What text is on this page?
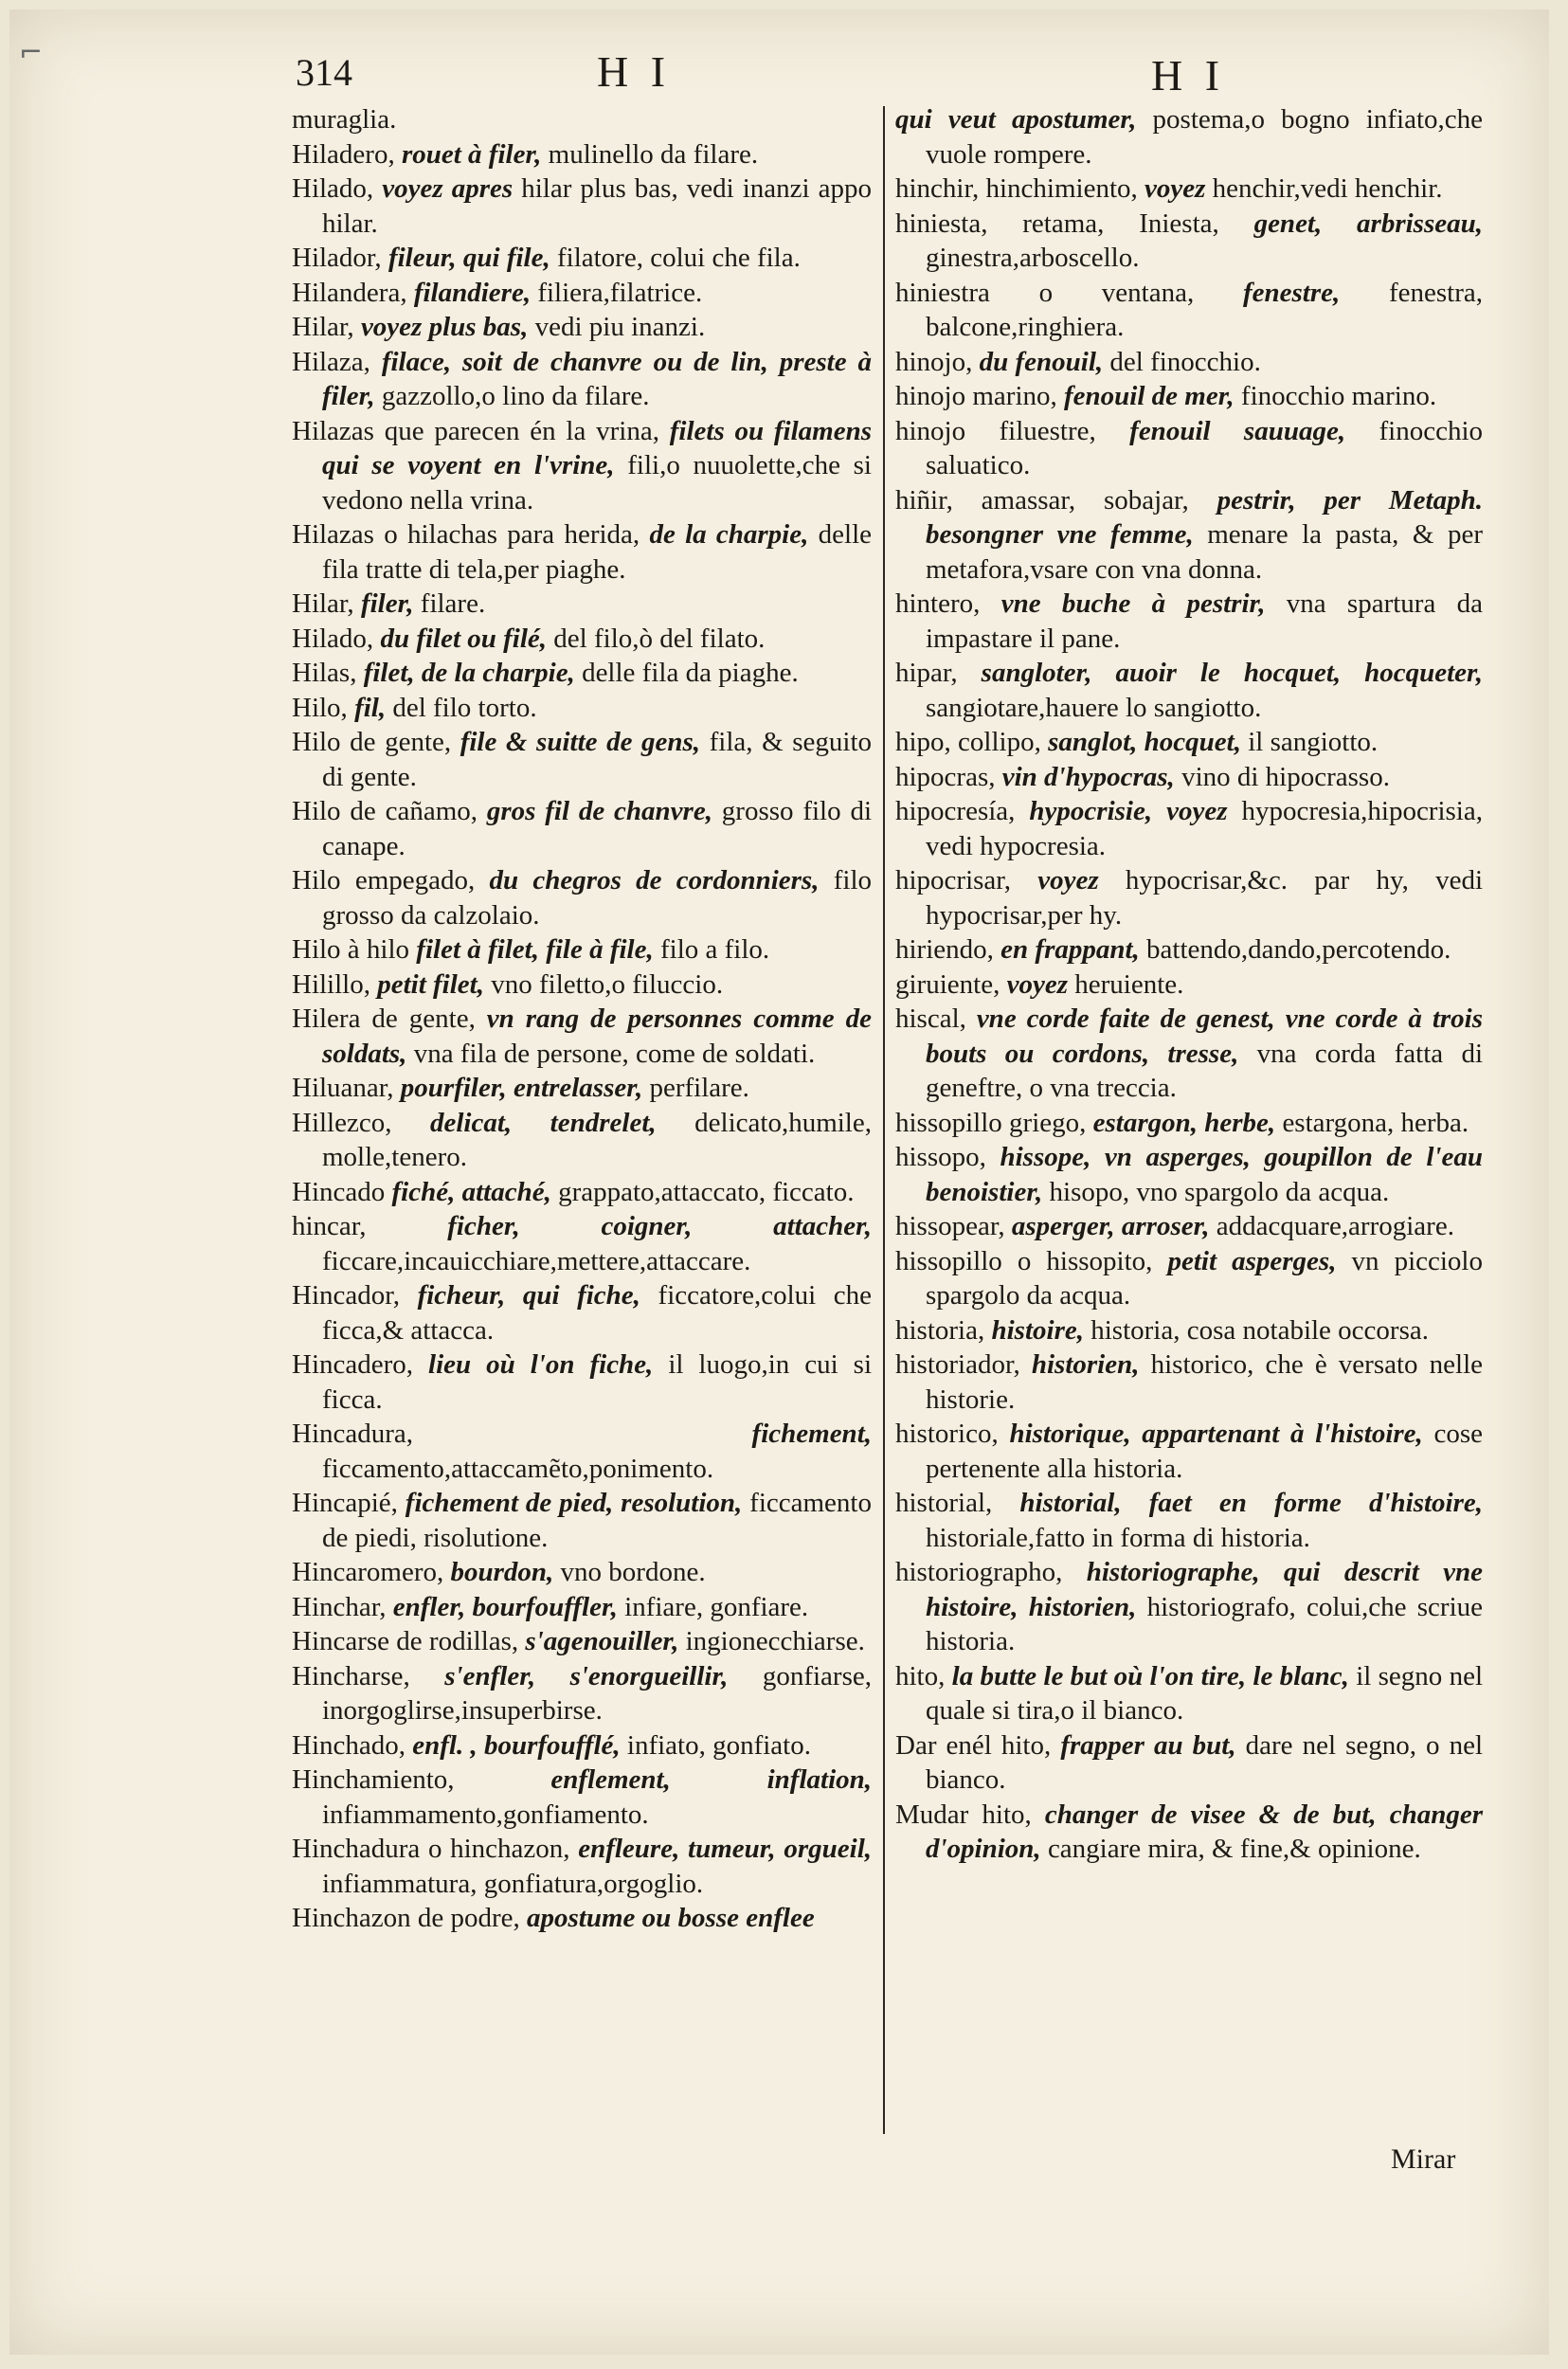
314	H I	H I
⌐

muraglia.

Hiladero, rouet à filer, mulinello da filare.

Hilado, voyez apres hilar plus bas, vedi inanzi appo hilar.

Hilador, fileur, qui file, filatore, colui che fila.

Hilandera, filandiere, filiera,filatrice.

Hilar, voyez plus bas, vedi piu inanzi.

Hilaza, filace, soit de chanvre ou de lin, preste à filer, gazzollo,o lino da filare.

Hilazas que parecen én la vrina, filets ou filamens qui se voyent en l'vrine, fili,o nuuolette,che si vedono nella vrina.

Hilazas o hilachas para herida, de la charpie, delle fila tratte di tela,per piaghe.

Hilar, filer, filare.

Hilado, du filet ou filé, del filo,ò del filato.

Hilas, filet, de la charpie, delle fila da piaghe.

Hilo, fil, del filo torto.

Hilo de gente, file & suitte de gens, fila, & seguito di gente.

Hilo de cañamo, gros fil de chanvre, grosso filo di canape.

Hilo empegado, du chegros de cordonniers, filo grosso da calzolaio.

Hilo à hilo filet à filet, file à file, filo a filo.

Hilillo, petit filet, vno filetto,o filuccio.

Hilera de gente, vn rang de personnes comme de soldats, vna fila de persone, come de soldati.

Hiluanar, pourfiler, entrelasser, perfilare.

Hillezco, delicat, tendrelet, delicato,humile, molle,tenero.

Hincado fiché, attaché, grappato,attaccato, ficcato.

hincar,	ficher, coigner, attacher, ficcare,incauicchiare,mettere,attaccare.

Hincador, ficheur, qui fiche, ficcatore,colui che ficca,& attacca.

Hincadero, lieu où l'on fiche, il luogo,in cui si ficca.

Hincadura,	fichement, ficcamento,attaccamẽto,ponimento.

Hincapié, fichement de pied, resolution, ficcamento de piedi, risolutione.

Hincaromero, bourdon, vno bordone.

Hinchar, enfler, bourfouffler, infiare, gonfiare.

Hincarse de rodillas, s'agenouiller, ingionecchiarse.

Hincharse, s'enfler, s'enorgueillir, gonfiarse, inorgoglirse,insuperbirse.

Hinchado, enfl. , bourfoufflé, infiato, gonfiato.

Hinchamiento,	enflement, inflation, infiammamento,gonfiamento.

Hinchadura o hinchazon, enfleure, tumeur, orgueil, infiammatura, gonfiatura,orgoglio.

Hinchazon de podre, apostume ou bosse enflee

qui veut apostumer, postema,o bogno infiato,che vuole rompere.

hinchir, hinchimiento, voyez henchir,vedi henchir.

hiniesta, retama, Iniesta, genet, arbrisseau, ginestra,arboscello.

hiniestra o ventana, fenestre, fenestra, balcone,ringhiera.

hinojo, du fenouil, del finocchio.

hinojo marino, fenouil de mer, finocchio marino.

hinojo filuestre, fenouil sauuage, finocchio saluatico.

hiñir, amassar, sobajar, pestrir, per Metaph. besongner vne femme, menare la pasta, & per metafora,vsare con vna donna.

hintero, vne buche à pestrir, vna spartura da impastare il pane.

hipar, sangloter, auoir le hocquet, hocqueter, sangiotare,hauere lo sangiotto.

hipo, collipo, sanglot, hocquet, il sangiotto.

hipocras, vin d'hypocras, vino di hipocrasso.

hipocresía, hypocrisie, voyez hypocresia,hipocrisia, vedi hypocresia.

hipocrisar, voyez hypocrisar,&c. par hy, vedi hypocrisar,per hy.

hiriendo, en frappant, battendo,dando,percotendo.

giruiente, voyez heruiente.

hiscal, vne corde faite de genest, vne corde à trois bouts ou cordons, tresse, vna corda fatta di geneftre, o vna treccia.

hissopillo griego, estargon, herbe, estargona, herba.

hissopo, hissope, vn asperges, goupillon de l'eau benoistier, hisopo, vno spargolo da acqua.

hissopear, asperger, arroser, addacquare,arrogiare.

hissopillo o hissopito, petit asperges, vn picciolo spargolo da acqua.

historia, histoire, historia, cosa notabile occorsa.

historiador, historien, historico, che è versato nelle historie.

historico, historique, appartenant à l'histoire, cose pertenente alla historia.

historial, historial, faet en forme d'histoire, historiale,fatto in forma di historia.

historiographo, historiographe, qui descrit vne histoire, historien, historiografo, colui,che scriue historia.

hito, la butte le but où l'on tire, le blanc, il segno nel quale si tira,o il bianco.

Dar enél hito, frapper au but, dare nel segno, o nel bianco.

Mudar hito, changer de visee & de but, changer d'opinion, cangiare mira, & fine,& opinione.

Mirar
